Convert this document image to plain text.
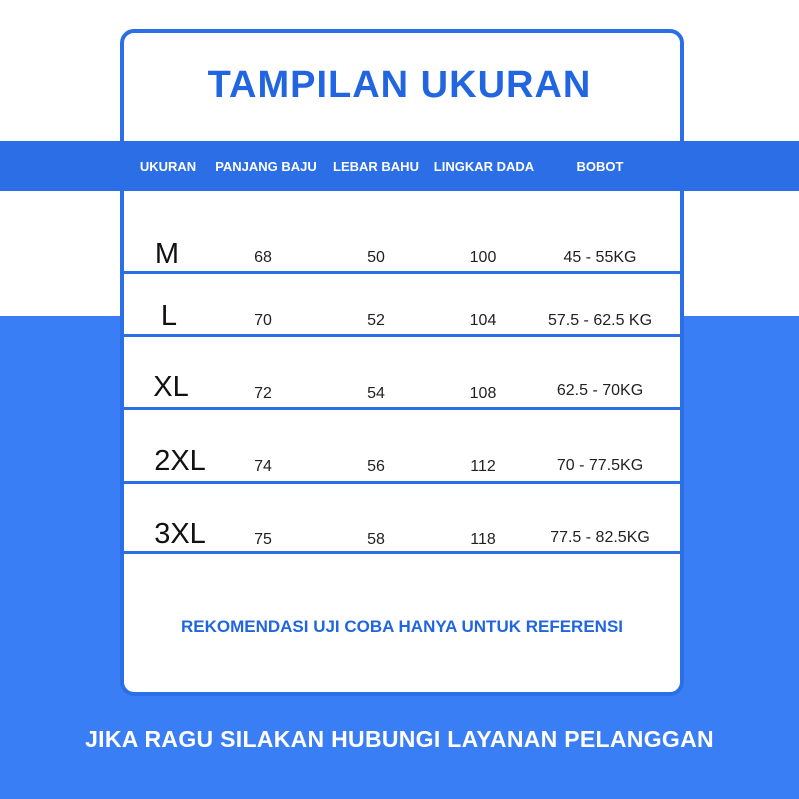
TAMPILAN UKURAN
UKURAN	PANJANG BAJU	LEBAR BAHU	LINGKAR DADA	BOBOT
M	68	50	100	45 - 55KG
L	70	52	104	57.5 - 62.5 KG
XL	72	54	108	62.5 - 70KG
2XL	74	56	112	70 - 77.5KG
3XL	75	58	118	77.5 - 82.5KG
REKOMENDASI UJI COBA HANYA UNTUK REFERENSI
JIKA RAGU SILAKAN HUBUNGI LAYANAN PELANGGAN
